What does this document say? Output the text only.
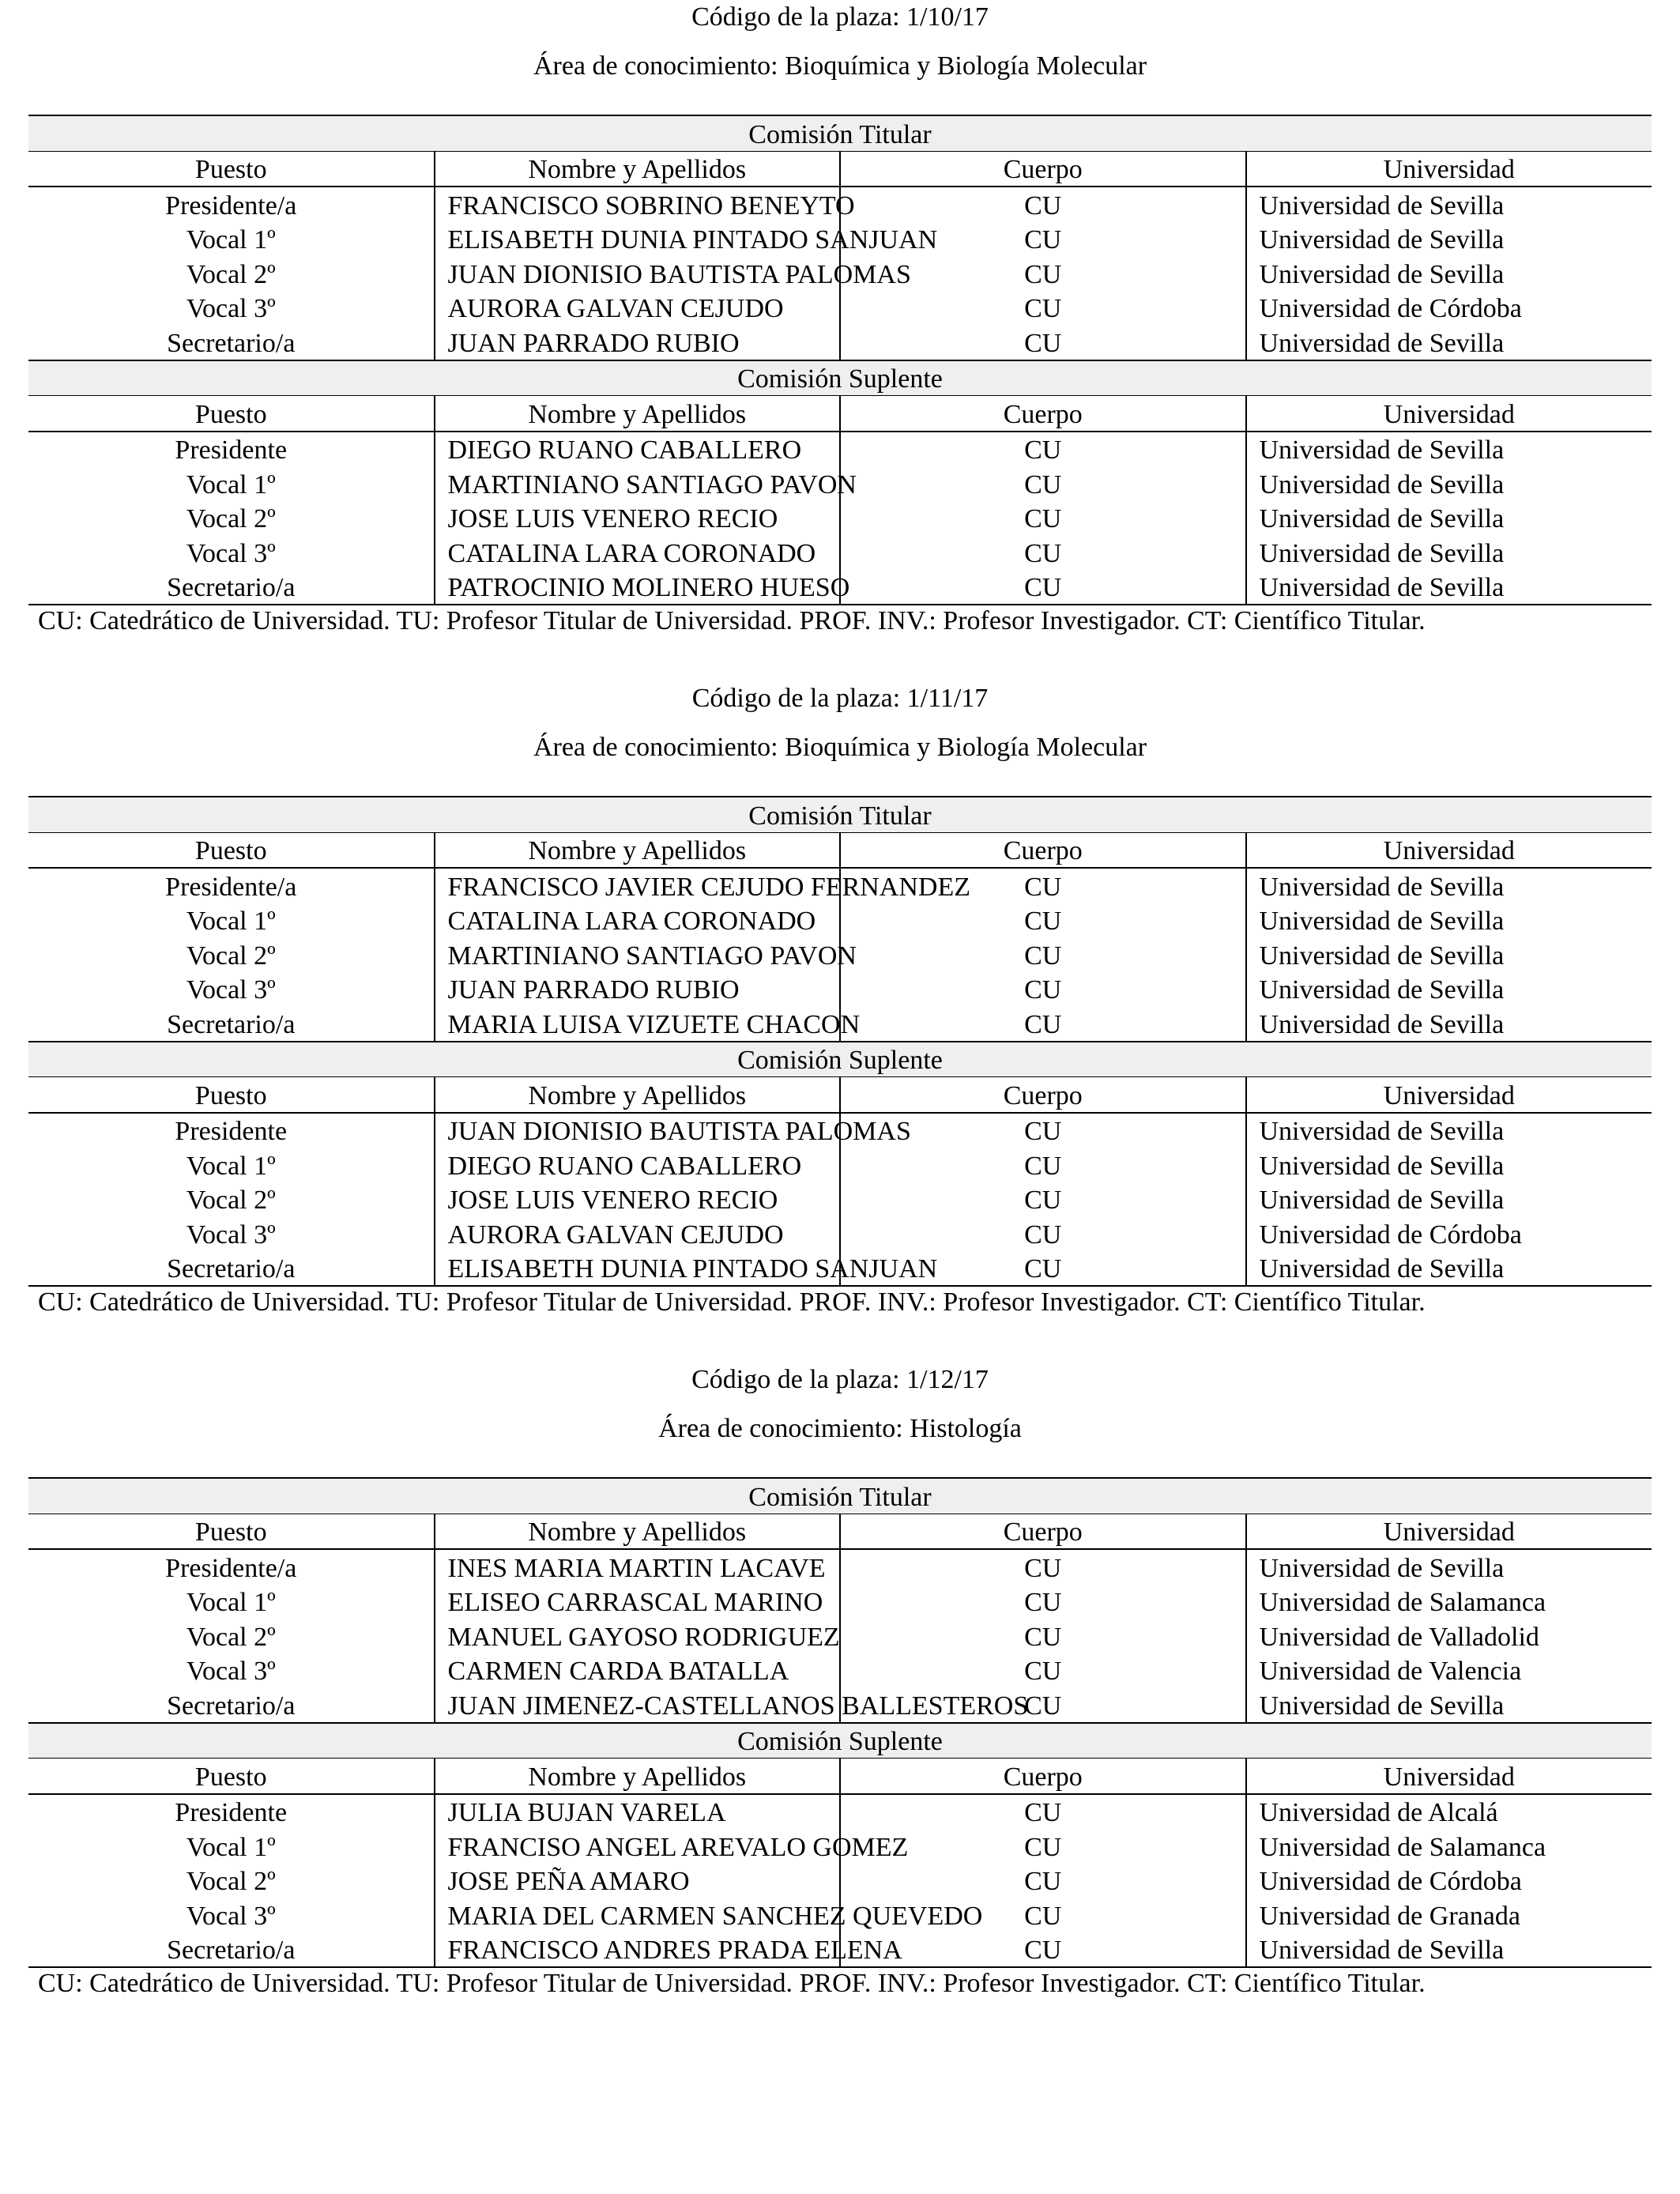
Código de la plaza: 1/10/17
Área de conocimiento: Bioquímica y Biología Molecular
Comisión Titular			
Puesto	Nombre y Apellidos	Cuerpo	Universidad
Presidente/a	FRANCISCO SOBRINO BENEYTO	CU	Universidad de Sevilla
Vocal 1º	ELISABETH DUNIA PINTADO SANJUAN	CU	Universidad de Sevilla
Vocal 2º	JUAN DIONISIO BAUTISTA PALOMAS	CU	Universidad de Sevilla
Vocal 3º	AURORA GALVAN CEJUDO	CU	Universidad de Córdoba
Secretario/a	JUAN PARRADO RUBIO	CU	Universidad de Sevilla
Comisión Suplente			
Puesto	Nombre y Apellidos	Cuerpo	Universidad
Presidente	DIEGO RUANO CABALLERO	CU	Universidad de Sevilla
Vocal 1º	MARTINIANO SANTIAGO PAVON	CU	Universidad de Sevilla
Vocal 2º	JOSE LUIS VENERO RECIO	CU	Universidad de Sevilla
Vocal 3º	CATALINA LARA CORONADO	CU	Universidad de Sevilla
Secretario/a	PATROCINIO MOLINERO HUESO	CU	Universidad de Sevilla
CU: Catedrático de Universidad. TU: Profesor Titular de Universidad. PROF. INV.: Profesor Investigador. CT: Científico Titular.			
Código de la plaza: 1/11/17
Área de conocimiento: Bioquímica y Biología Molecular
Comisión Titular			
Puesto	Nombre y Apellidos	Cuerpo	Universidad
Presidente/a	FRANCISCO JAVIER CEJUDO FERNANDEZ	CU	Universidad de Sevilla
Vocal 1º	CATALINA LARA CORONADO	CU	Universidad de Sevilla
Vocal 2º	MARTINIANO SANTIAGO PAVON	CU	Universidad de Sevilla
Vocal 3º	JUAN PARRADO RUBIO	CU	Universidad de Sevilla
Secretario/a	MARIA LUISA VIZUETE CHACON	CU	Universidad de Sevilla
Comisión Suplente			
Puesto	Nombre y Apellidos	Cuerpo	Universidad
Presidente	JUAN DIONISIO BAUTISTA PALOMAS	CU	Universidad de Sevilla
Vocal 1º	DIEGO RUANO CABALLERO	CU	Universidad de Sevilla
Vocal 2º	JOSE LUIS VENERO RECIO	CU	Universidad de Sevilla
Vocal 3º	AURORA GALVAN CEJUDO	CU	Universidad de Córdoba
Secretario/a	ELISABETH DUNIA PINTADO SANJUAN	CU	Universidad de Sevilla
CU: Catedrático de Universidad. TU: Profesor Titular de Universidad. PROF. INV.: Profesor Investigador. CT: Científico Titular.			
Código de la plaza: 1/12/17
Área de conocimiento: Histología
Comisión Titular			
Puesto	Nombre y Apellidos	Cuerpo	Universidad
Presidente/a	INES MARIA MARTIN LACAVE	CU	Universidad de Sevilla
Vocal 1º	ELISEO CARRASCAL MARINO	CU	Universidad de Salamanca
Vocal 2º	MANUEL GAYOSO RODRIGUEZ	CU	Universidad de Valladolid
Vocal 3º	CARMEN CARDA BATALLA	CU	Universidad de Valencia
Secretario/a	JUAN JIMENEZ-CASTELLANOS BALLESTEROS	CU	Universidad de Sevilla
Comisión Suplente			
Puesto	Nombre y Apellidos	Cuerpo	Universidad
Presidente	JULIA BUJAN VARELA	CU	Universidad de Alcalá
Vocal 1º	FRANCISO ANGEL AREVALO GOMEZ	CU	Universidad de Salamanca
Vocal 2º	JOSE PEÑA AMARO	CU	Universidad de Córdoba
Vocal 3º	MARIA DEL CARMEN SANCHEZ QUEVEDO	CU	Universidad de Granada
Secretario/a	FRANCISCO ANDRES PRADA ELENA	CU	Universidad de Sevilla
CU: Catedrático de Universidad. TU: Profesor Titular de Universidad. PROF. INV.: Profesor Investigador. CT: Científico Titular.			
